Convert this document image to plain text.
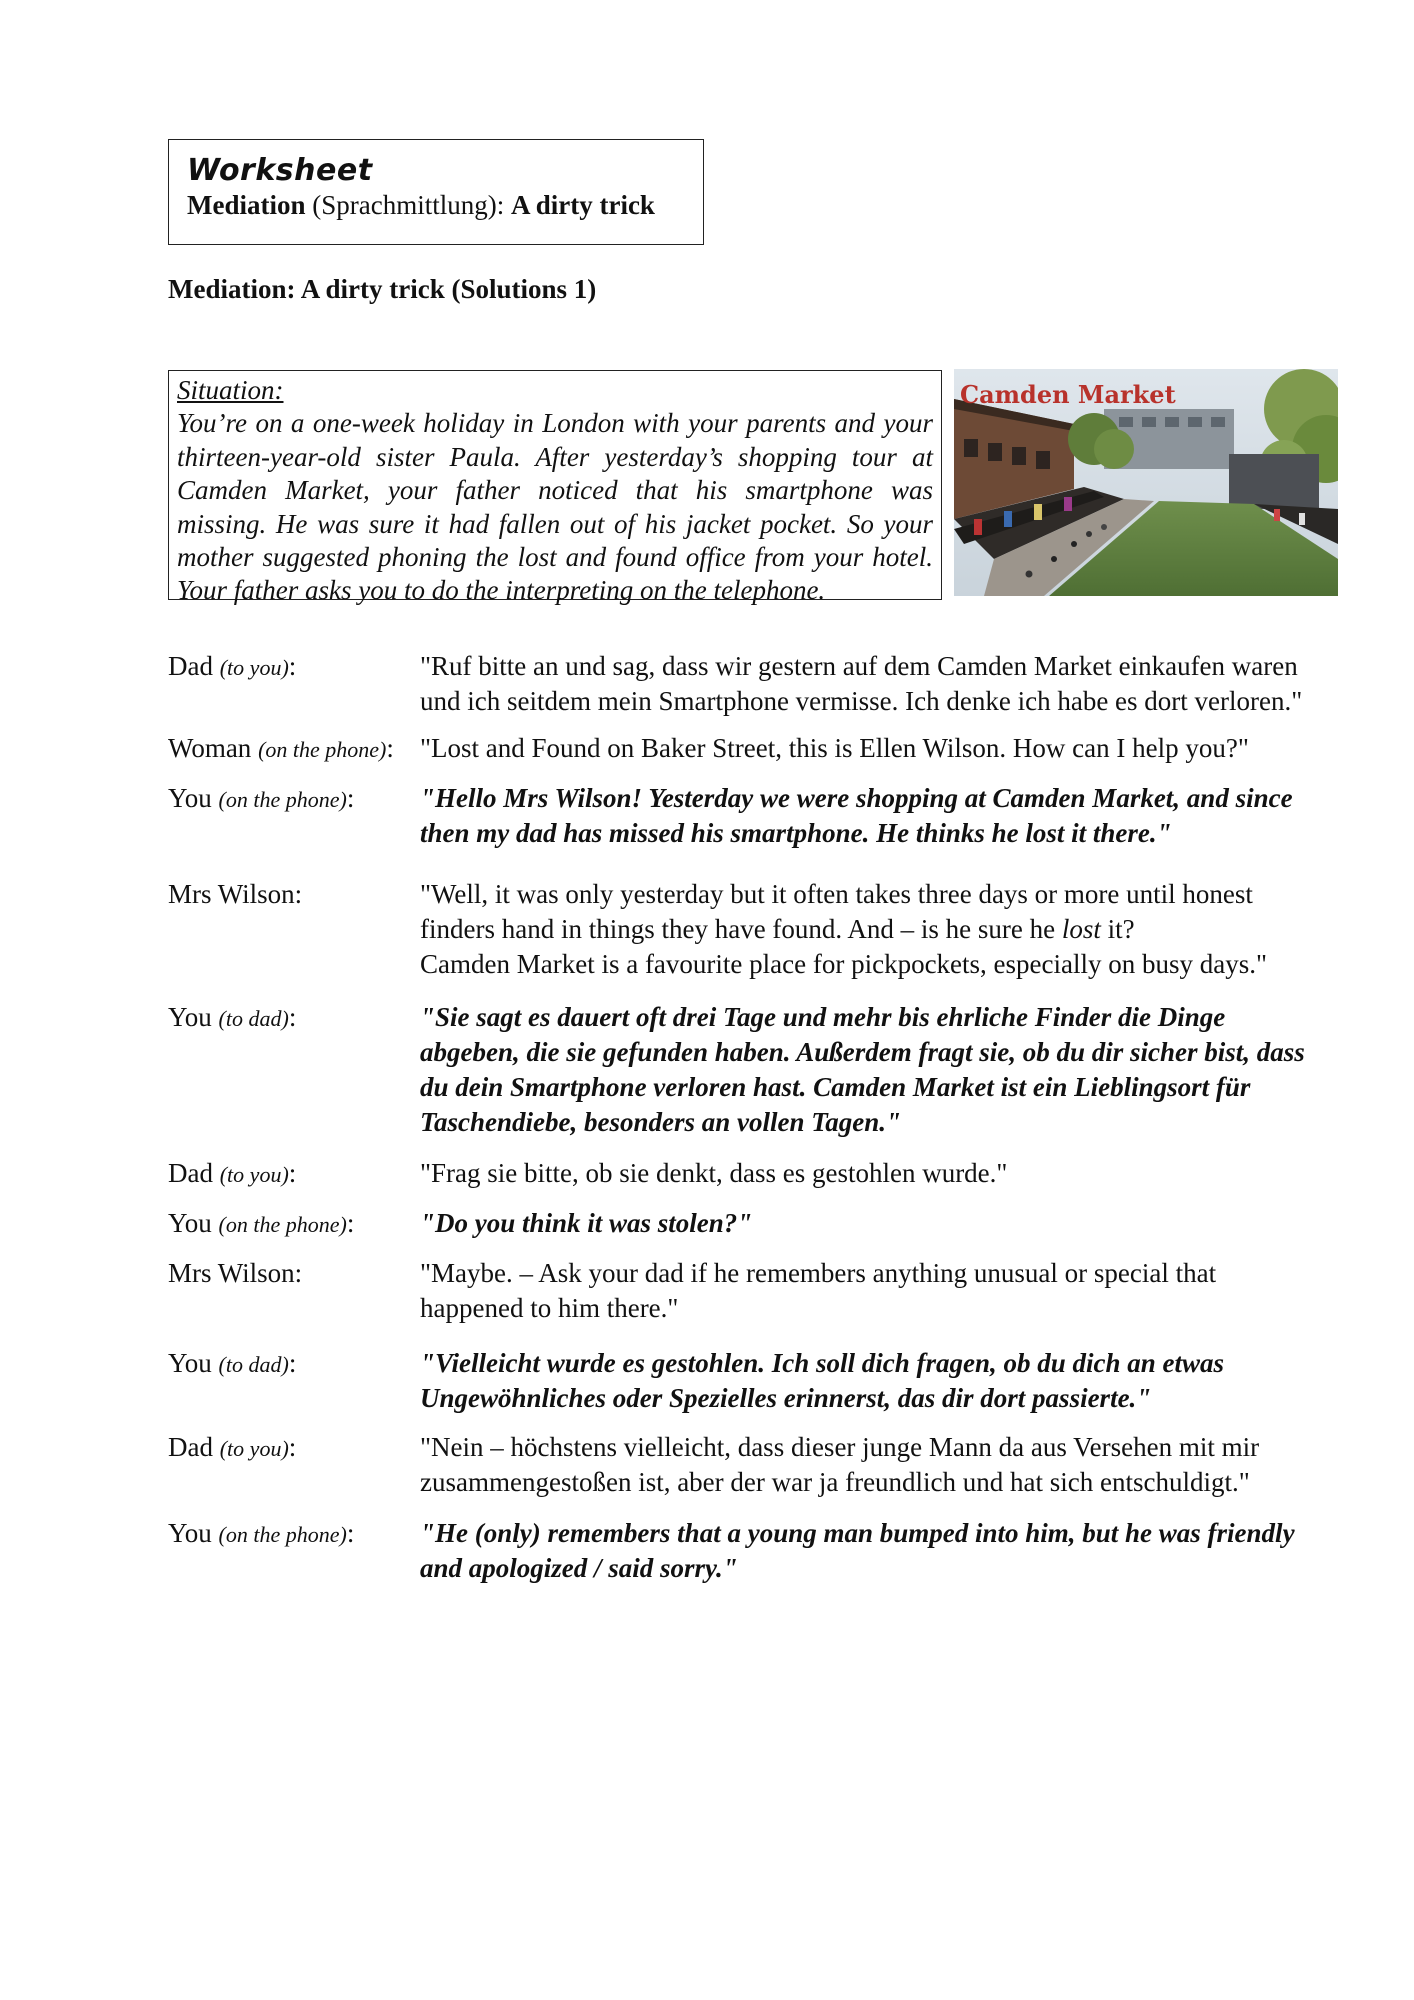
Worksheet
Mediation (Sprachmittlung): A dirty trick
Mediation: A dirty trick (Solutions 1)
Situation:
You’re on a one-week holiday in London with your parents and your thirteen-year-old sister Paula. After yesterday’s shopping tour at Camden Market, your father noticed that his smartphone was missing. He was sure it had fallen out of his jacket pocket. So your mother suggested phoning the lost and found office from your hotel. Your father asks you to do the interpreting on the telephone.
Camden Market
Dad (to you):	"Ruf bitte an und sag, dass wir gestern auf dem Camden Market einkaufen waren und ich seitdem mein Smartphone vermisse. Ich denke ich habe es dort verloren."
Woman (on the phone): "Lost and Found on Baker Street, this is Ellen Wilson. How can I help you?"
You (on the phone):	"Hello Mrs Wilson! Yesterday we were shopping at Camden Market, and since then my dad has missed his smartphone. He thinks he lost it there."
Mrs Wilson:	"Well, it was only yesterday but it often takes three days or more until honest finders hand in things they have found. And – is he sure he lost it?
Camden Market is a favourite place for pickpockets, especially on busy days."
You (to dad):	"Sie sagt es dauert oft drei Tage und mehr bis ehrliche Finder die Dinge abgeben, die sie gefunden haben. Außerdem fragt sie, ob du dir sicher bist, dass du dein Smartphone verloren hast. Camden Market ist ein Lieblingsort für Taschendiebe, besonders an vollen Tagen."
Dad (to you):	"Frag sie bitte, ob sie denkt, dass es gestohlen wurde."
You (on the phone):	"Do you think it was stolen?"
Mrs Wilson:	"Maybe. – Ask your dad if he remembers anything unusual or special that happened to him there."
You (to dad):	"Vielleicht wurde es gestohlen. Ich soll dich fragen, ob du dich an etwas Ungewöhnliches oder Spezielles erinnerst, das dir dort passierte."
Dad (to you):	"Nein – höchstens vielleicht, dass dieser junge Mann da aus Versehen mit mir zusammengestoßen ist, aber der war ja freundlich und hat sich entschuldigt."
You (on the phone):	"He (only) remembers that a young man bumped into him, but he was friendly and apologized / said sorry."
